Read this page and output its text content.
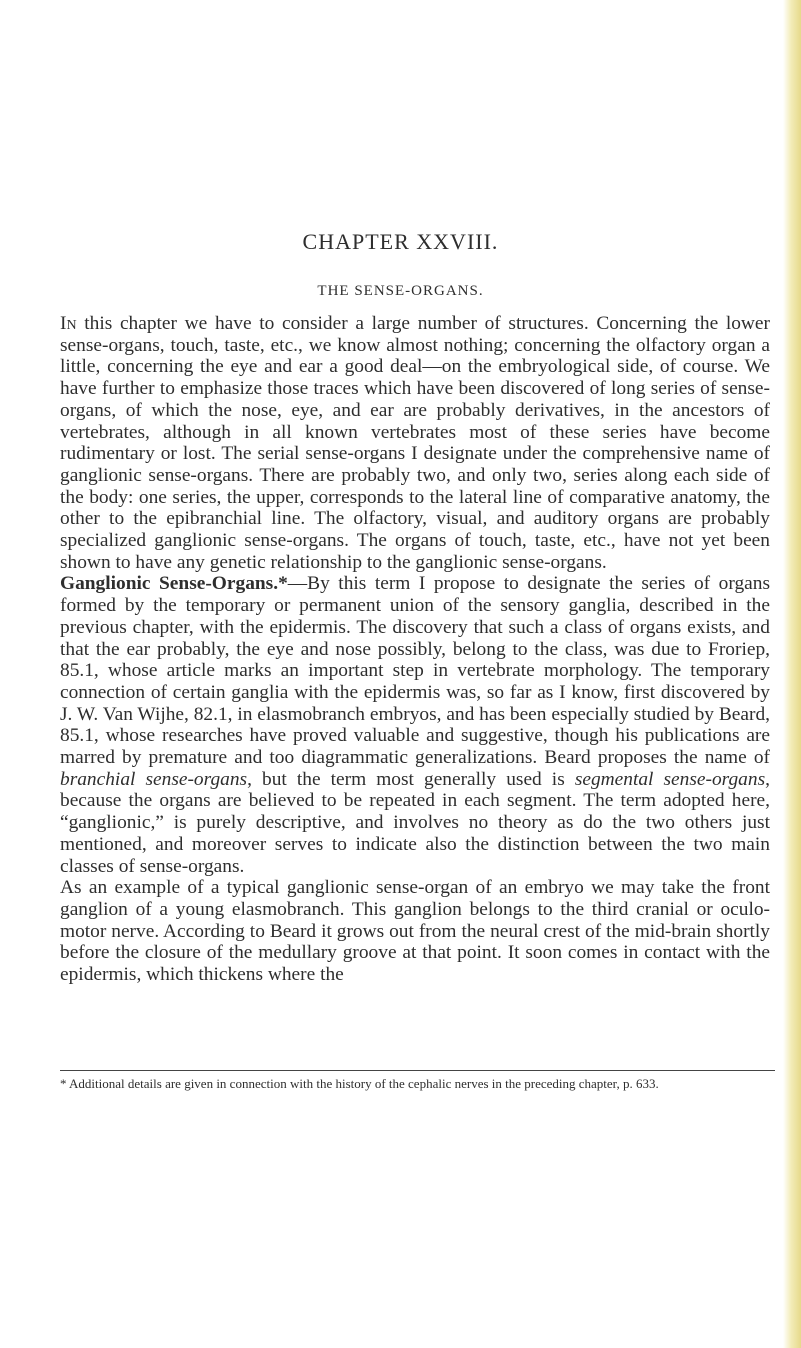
CHAPTER XXVIII.
THE SENSE-ORGANS.

In this chapter we have to consider a large number of structures. Concerning the lower sense-organs, touch, taste, etc., we know almost nothing; concerning the olfactory organ a little, concerning the eye and ear a good deal—on the embryological side, of course. We have further to emphasize those traces which have been discovered of long series of sense-organs, of which the nose, eye, and ear are probably derivatives, in the ancestors of vertebrates, although in all known vertebrates most of these series have become rudimentary or lost. The serial sense-organs I designate under the comprehensive name of ganglionic sense-organs. There are probably two, and only two, series along each side of the body: one series, the upper, corresponds to the lateral line of comparative anatomy, the other to the epibranchial line. The olfactory, visual, and auditory organs are probably specialized ganglionic sense-organs. The organs of touch, taste, etc., have not yet been shown to have any genetic relationship to the ganglionic sense-organs.

Ganglionic Sense-Organs.*—By this term I propose to designate the series of organs formed by the temporary or permanent union of the sensory ganglia, described in the previous chapter, with the epidermis. The discovery that such a class of organs exists, and that the ear probably, the eye and nose possibly, belong to the class, was due to Froriep, 85.1, whose article marks an important step in vertebrate morphology. The temporary connection of certain ganglia with the epidermis was, so far as I know, first discovered by J. W. Van Wijhe, 82.1, in elasmobranch embryos, and has been especially studied by Beard, 85.1, whose researches have proved valuable and suggestive, though his publications are marred by premature and too diagrammatic generalizations. Beard proposes the name of branchial sense-organs, but the term most generally used is segmental sense-organs, because the organs are believed to be repeated in each segment. The term adopted here, “ganglionic,” is purely descriptive, and involves no theory as do the two others just mentioned, and moreover serves to indicate also the distinction between the two main classes of sense-organs.

As an example of a typical ganglionic sense-organ of an embryo we may take the front ganglion of a young elasmobranch. This ganglion belongs to the third cranial or oculo-motor nerve. According to Beard it grows out from the neural crest of the mid-brain shortly before the closure of the medullary groove at that point. It soon comes in contact with the epidermis, which thickens where the

* Additional details are given in connection with the history of the cephalic nerves in the preceding chapter, p. 633.
